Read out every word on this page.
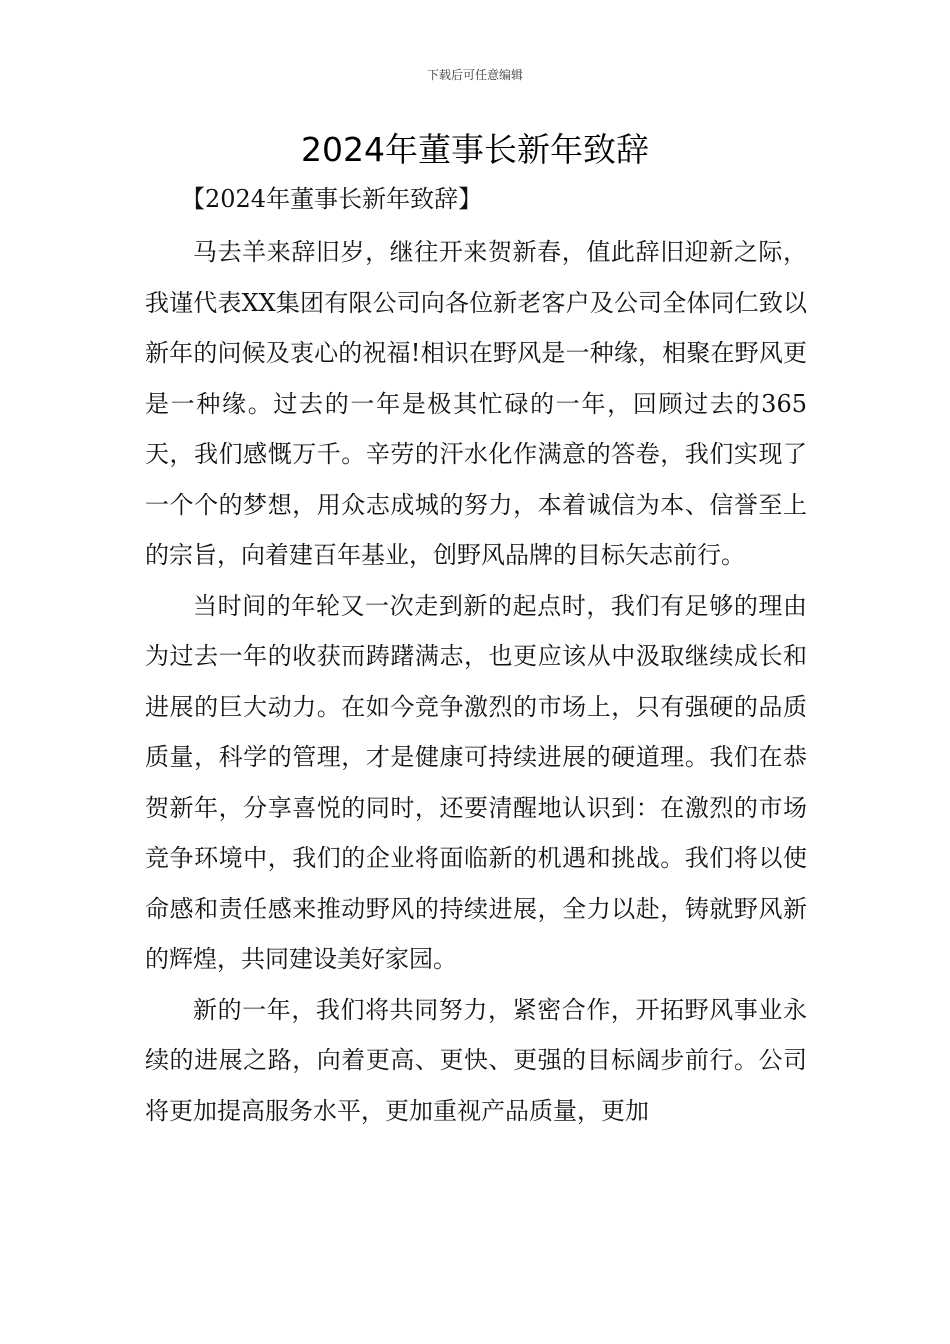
下载后可任意编辑
2024年董事长新年致辞

【2024年董事长新年致辞】

马去羊来辞旧岁，继往开来贺新春，值此辞旧迎新之际，我谨代表XX集团有限公司向各位新老客户及公司全体同仁致以新年的问候及衷心的祝福!相识在野风是一种缘，相聚在野风更是一种缘。过去的一年是极其忙碌的一年，回顾过去的365天，我们感慨万千。辛劳的汗水化作满意的答卷，我们实现了一个个的梦想，用众志成城的努力，本着诚信为本、信誉至上的宗旨，向着建百年基业，创野风品牌的目标矢志前行。

当时间的年轮又一次走到新的起点时，我们有足够的理由为过去一年的收获而踌躇满志，也更应该从中汲取继续成长和进展的巨大动力。在如今竞争激烈的市场上，只有强硬的品质质量，科学的管理，才是健康可持续进展的硬道理。我们在恭贺新年，分享喜悦的同时，还要清醒地认识到：在激烈的市场竞争环境中，我们的企业将面临新的机遇和挑战。我们将以使命感和责任感来推动野风的持续进展，全力以赴，铸就野风新的辉煌，共同建设美好家园。

新的一年，我们将共同努力，紧密合作，开拓野风事业永续的进展之路，向着更高、更快、更强的目标阔步前行。公司将更加提高服务水平，更加重视产品质量，更加
